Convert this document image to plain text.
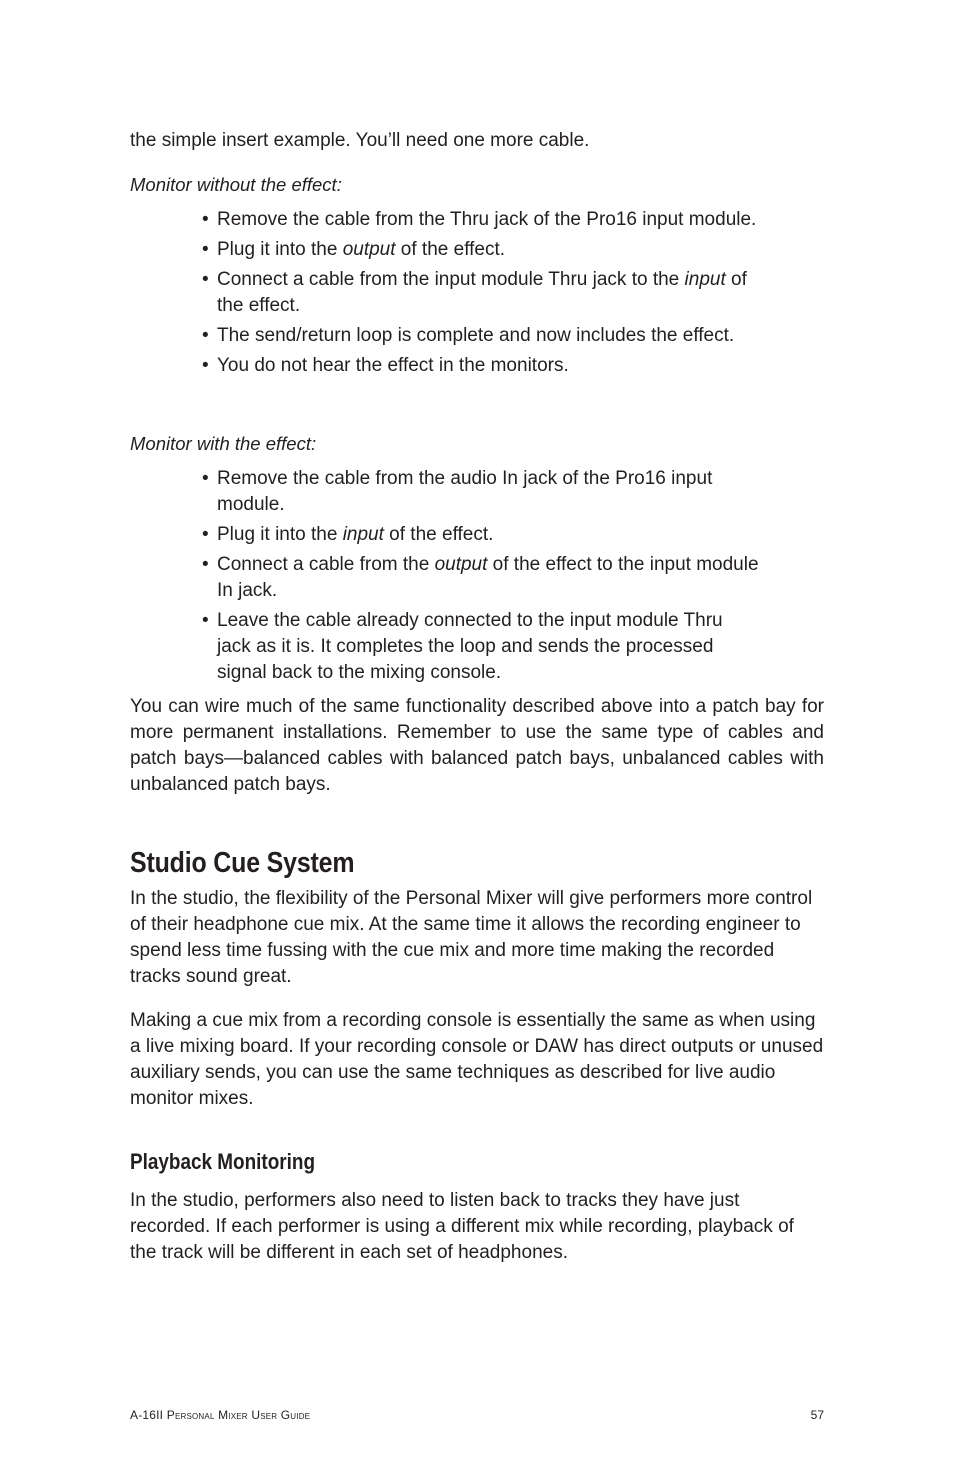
the simple insert example. You’ll need one more cable.

Monitor without the effect:

• Remove the cable from the Thru jack of the Pro16 input module.
• Plug it into the output of the effect.
• Connect a cable from the input module Thru jack to the input of the effect.
• The send/return loop is complete and now includes the effect.
• You do not hear the effect in the monitors.

Monitor with the effect:

• Remove the cable from the audio In jack of the Pro16 input module.
• Plug it into the input of the effect.
• Connect a cable from the output of the effect to the input module In jack.
• Leave the cable already connected to the input module Thru jack as it is. It completes the loop and sends the processed signal back to the mixing console.

You can wire much of the same functionality described above into a patch bay for more permanent installations. Remember to use the same type of cables and patch bays—balanced cables with balanced patch bays, unbalanced cables with unbalanced patch bays.

Studio Cue System

In the studio, the flexibility of the Personal Mixer will give performers more control of their headphone cue mix. At the same time it allows the recording engineer to spend less time fussing with the cue mix and more time making the recorded tracks sound great.

Making a cue mix from a recording console is essentially the same as when using a live mixing board. If your recording console or DAW has direct outputs or unused auxiliary sends, you can use the same techniques as described for live audio monitor mixes.

Playback Monitoring

In the studio, performers also need to listen back to tracks they have just recorded. If each performer is using a different mix while recording, playback of the track will be different in each set of headphones.

A-16II Personal Mixer User Guide	57
